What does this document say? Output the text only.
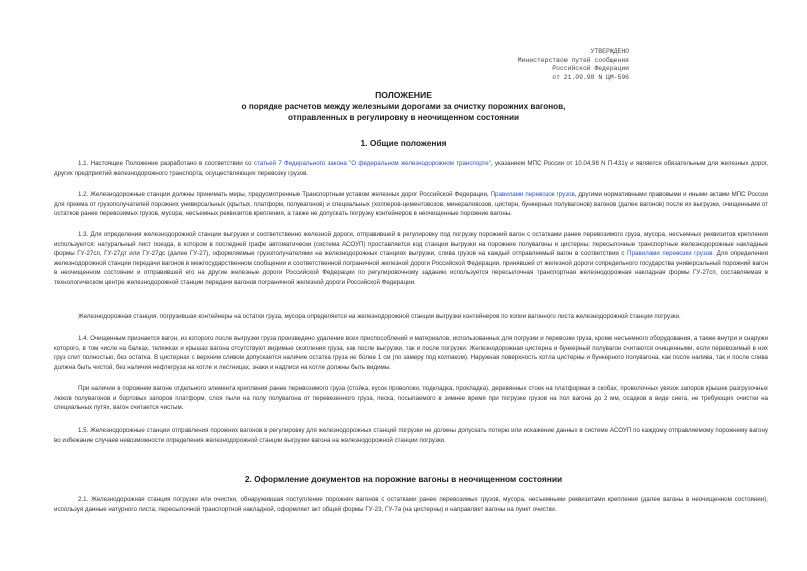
УТВЕРЖДЕНО
Министерством путей сообщения
Российской Федерации
от 21.09.98 N ЦМ-596

ПОЛОЖЕНИЕ

о порядке расчетов между железными дорогами за очистку порожних вагонов,

отправленных в регулировку в неочищенном состоянии

1. Общие положения

1.1. Настоящее Положение разработано в соответствии со статьей 7 Федерального закона "О федеральном железнодорожном транспорте", указанием МПС России от 10.04.98 N П-431у и является обязательным для железных дорог, других предприятий железнодорожного транспорта, осуществляющих перевозку грузов.

1.2. Железнодорожные станции должны принимать меры, предусмотренные Транспортным уставом железных дорог Российской Федерации, Правилами перевозок грузов, другими нормативными правовыми и иными актами МПС России для приема от грузополучателей порожних универсальных (крытых, платформ, полувагонов) и специальных (хопперов-цементовозов, минераловозов, цистерн, бункерных полувагонов) вагонов (далее вагонов) после их выгрузки, очищенными от остатков ранее перевозимых грузов, мусора, несъемных реквизитов крепления, а также не допускать погрузку контейнеров в неочищенные порожние вагоны.

1.3. Для определения железнодорожной станции выгрузки и соответственно железной дороги, отправившей в регулировку под погрузку порожний вагон с остатками ранее перевозимого груза, мусора, несъемных реквизитов крепления используются: натуральный лист поезда, в котором в последней графе автоматически (система АСОУП) проставляется код станции выгрузки на порожние полувагоны и цистерны; пересылочные транспортные железнодорожные накладные формы ГУ-27сп, ГУ-27дт или ГУ-27дс (далее ГУ-27), оформляемые грузополучателями на железнодорожных станциях выгрузки, слива грузов на каждый отправляемый вагон в соответствии с Правилами перевозки грузов. Для определения железнодорожной станции передачи вагонов в межгосударственном сообщении и соответственной пограничной железной дороги Российской Федерации, принявшей от железной дороги сопредельного государства универсальный порожний вагон в неочищенном состоянии и отправившей его на другие железные дороги Российской Федерации по регулировочному заданию используется пересылочная транспортная железнодорожная накладная формы ГУ-27сп, составляемая в технологическом центре железнодорожной станции передачи вагонов пограничной железной дороги Российской Федерации.

Железнодорожная станция, погрузившая контейнеры на остатки груза, мусора определяется на железнодорожной станции выгрузки контейнеров по копии вагонного листа железнодорожной станции погрузки.

1.4. Очищенным признается вагон, из которого после выгрузки груза произведено удаление всех приспособлений и материалов, использованных для погрузки и перевозки груза, кроме несъемного оборудования, а также внутри и снаружи которого, в том числе на балках, тележках и крышах вагона отсутствуют видимые скопления груза, как после выгрузки, так и после погрузки. Железнодорожная цистерна и бункерный полувагон считаются очищенными, если перевозимый в них груз слит полностью, без остатка. В цистернах с верхним сливом допускается наличие остатка груза не более 1 см (по замеру под колпаком). Наружная поверхность котла цистерны и бункерного полувагона, как после налива, так и после слива должна быть чистой, без наличия нефтегруза на котле и лестницах, знаки и надписи на котле должны быть видимы.

При наличии в порожнем вагоне отдельного элемента крепления ранее перевозимого груза (стойка, кусок проволоки, подкладка, прокладка), деревянных стоек на платформах в скобах, проволочных увязок запоров крышек разгрузочных люков полувагонов и бортовых запоров платформ, слоя пыли на полу полувагона от перевезенного груза, песка, посыпаемого в зимнее время при погрузке грузов на пол вагона до 2 мм, осадков в виде снега, не требующих очистки на специальных путях, вагон считается чистым.

1.5. Железнодорожные станции отправления порожних вагонов в регулировку для железнодорожных станций погрузки не должны допускать потерю или искажение данных в системе АСОУП по каждому отправляемому порожнему вагону во избежание случаев невозможности определения железнодорожной станции выгрузки вагона на железнодорожной станции погрузки.

2. Оформление документов на порожние вагоны в неочищенном состоянии

2.1. Железнодорожная станция погрузки или очистки, обнаружившая поступление порожних вагонов с остатками ранее перевозимых грузов, мусора, несъемными реквизитами крепления (далее вагоны в неочищенном состоянии), используя данные натурного листа, пересылочной транспортной накладной, оформляет акт общей формы ГУ-23, ГУ-7а (на цистерны) и направляет вагоны на пункт очистки.
